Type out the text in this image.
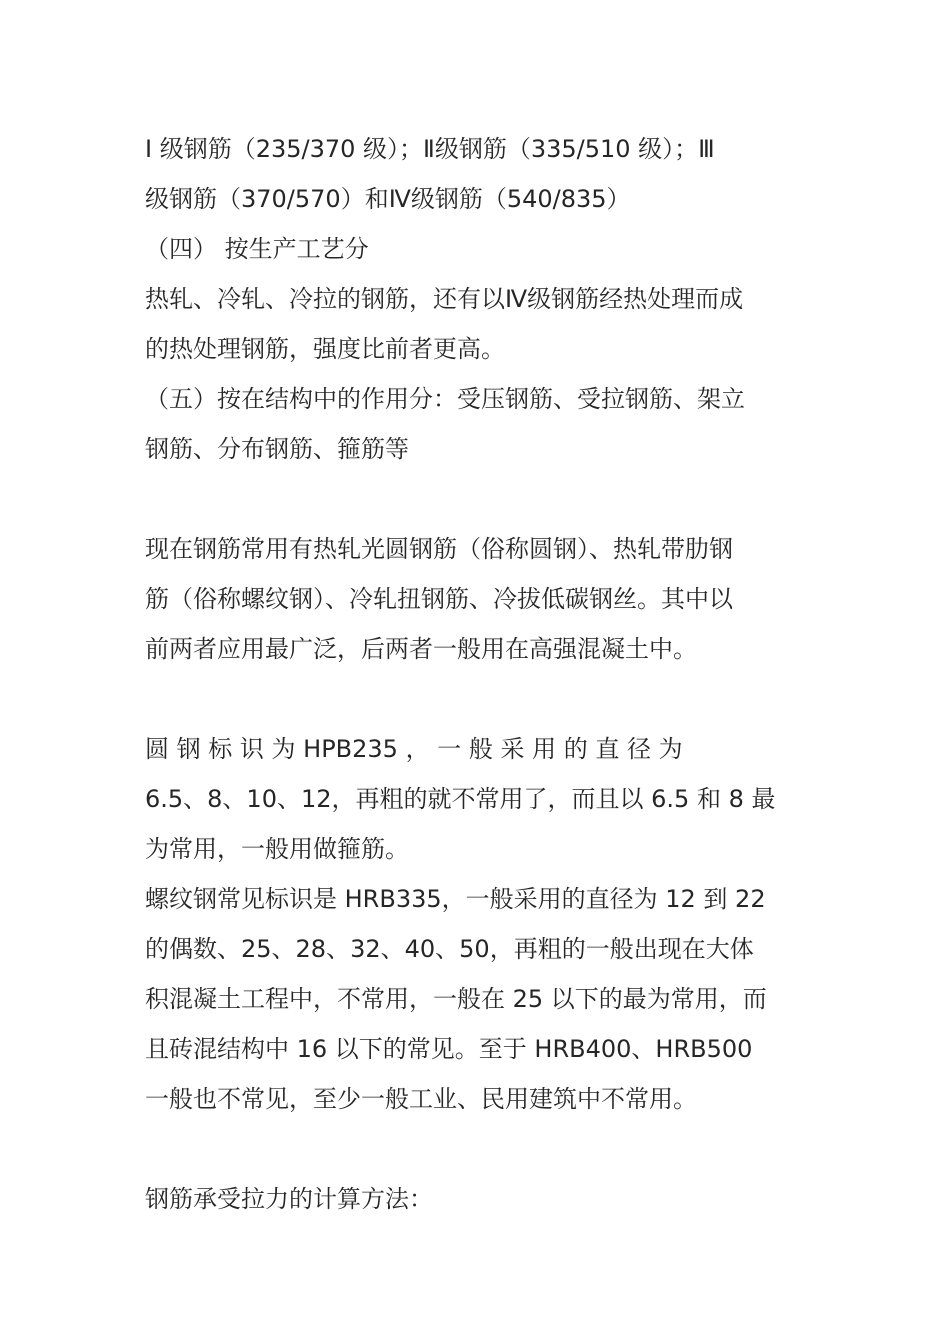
Ⅰ 级钢筋（235/370 级）；Ⅱ级钢筋（335/510 级）；Ⅲ
级钢筋（370/570）和Ⅳ级钢筋（540/835）
（四） 按生产工艺分
热轧、冷轧、冷拉的钢筋，还有以Ⅳ级钢筋经热处理而成
的热处理钢筋，强度比前者更高。
（五）按在结构中的作用分：受压钢筋、受拉钢筋、架立
钢筋、分布钢筋、箍筋等
现在钢筋常用有热轧光圆钢筋（俗称圆钢）、热轧带肋钢
筋（俗称螺纹钢）、冷轧扭钢筋、冷拔低碳钢丝。其中以
前两者应用最广泛，后两者一般用在高强混凝土中。
圆 钢 标 识 为 HPB235 ， 一 般 采 用 的 直 径 为
6.5、8、10、12，再粗的就不常用了，而且以 6.5 和 8 最
为常用，一般用做箍筋。
螺纹钢常见标识是 HRB335，一般采用的直径为 12 到 22
的偶数、25、28、32、40、50，再粗的一般出现在大体
积混凝土工程中，不常用，一般在 25 以下的最为常用，而
且砖混结构中 16 以下的常见。至于 HRB400、HRB500
一般也不常见，至少一般工业、民用建筑中不常用。
钢筋承受拉力的计算方法：
